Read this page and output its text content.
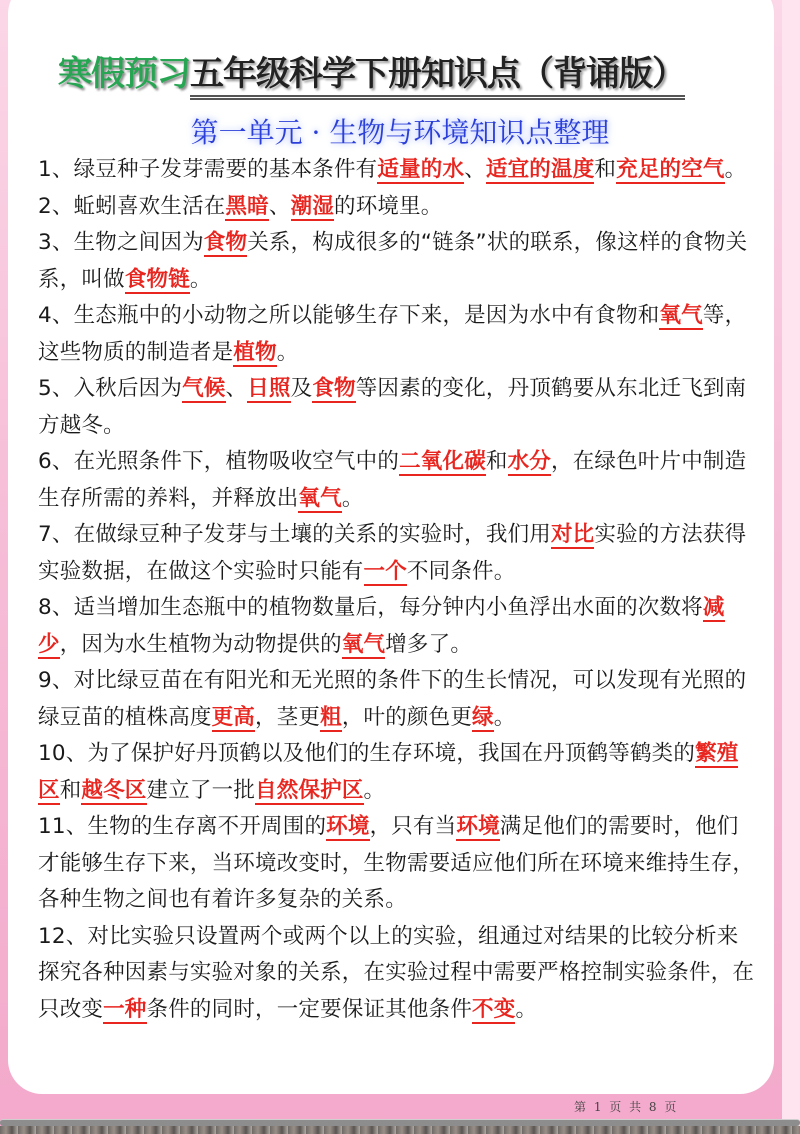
寒假预习五年级科学下册知识点（背诵版）
第一单元 · 生物与环境知识点整理

1、绿豆种子发芽需要的基本条件有适量的水、适宜的温度和充足的空气。

2、蚯蚓喜欢生活在黑暗、潮湿的环境里。

3、生物之间因为食物关系，构成很多的“链条”状的联系，像这样的食物关系，叫做食物链。

4、生态瓶中的小动物之所以能够生存下来，是因为水中有食物和氧气等，这些物质的制造者是植物。

5、入秋后因为气候、日照及食物等因素的变化，丹顶鹤要从东北迁飞到南方越冬。

6、在光照条件下，植物吸收空气中的二氧化碳和水分，在绿色叶片中制造生存所需的养料，并释放出氧气。

7、在做绿豆种子发芽与土壤的关系的实验时，我们用对比实验的方法获得实验数据，在做这个实验时只能有一个不同条件。

8、适当增加生态瓶中的植物数量后，每分钟内小鱼浮出水面的次数将减少，因为水生植物为动物提供的氧气增多了。

9、对比绿豆苗在有阳光和无光照的条件下的生长情况，可以发现有光照的绿豆苗的植株高度更高，茎更粗，叶的颜色更绿。

10、为了保护好丹顶鹤以及他们的生存环境，我国在丹顶鹤等鹤类的繁殖区和越冬区建立了一批自然保护区。

11、生物的生存离不开周围的环境，只有当环境满足他们的需要时，他们才能够生存下来，当环境改变时，生物需要适应他们所在环境来维持生存，各种生物之间也有着许多复杂的关系。

12、对比实验只设置两个或两个以上的实验，组通过对结果的比较分析来探究各种因素与实验对象的关系，在实验过程中需要严格控制实验条件，在只改变一种条件的同时，一定要保证其他条件不变。

第 1 页 共 8 页
